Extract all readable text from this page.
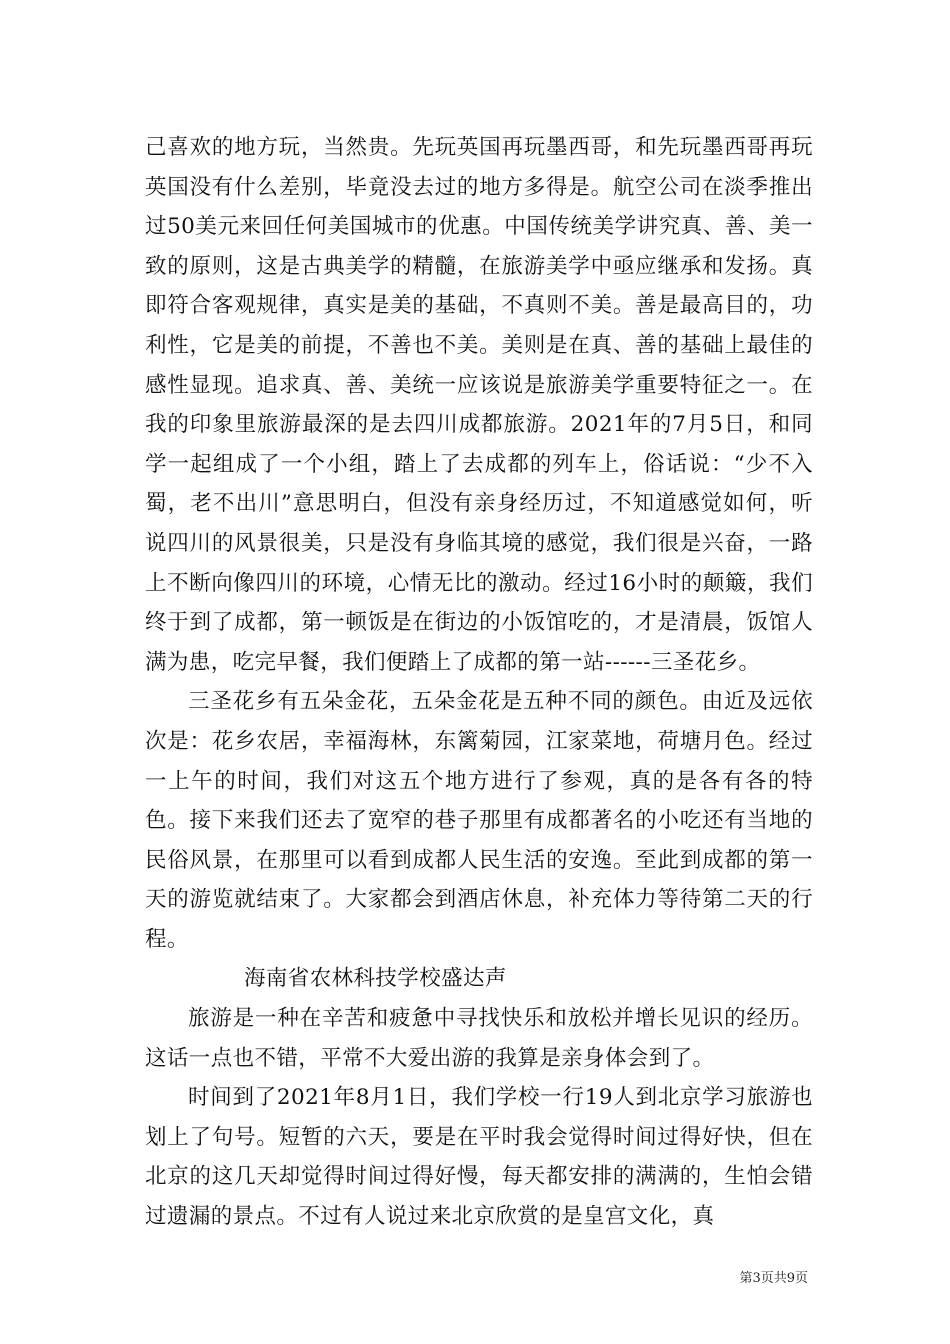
己喜欢的地方玩，当然贵。先玩英国再玩墨西哥，和先玩墨西哥再玩英国没有什么差别，毕竟没去过的地方多得是。航空公司在淡季推出过50美元来回任何美国城市的优惠。中国传统美学讲究真、善、美一致的原则，这是古典美学的精髓，在旅游美学中亟应继承和发扬。真即符合客观规律，真实是美的基础，不真则不美。善是最高目的，功利性，它是美的前提，不善也不美。美则是在真、善的基础上最佳的感性显现。追求真、善、美统一应该说是旅游美学重要特征之一。在我的印象里旅游最深的是去四川成都旅游。2021年的7月5日，和同学一起组成了一个小组，踏上了去成都的列车上，俗话说：“少不入蜀，老不出川”意思明白，但没有亲身经历过，不知道感觉如何，听说四川的风景很美，只是没有身临其境的感觉，我们很是兴奋，一路上不断向像四川的环境，心情无比的激动。经过16小时的颠簸，我们终于到了成都，第一顿饭是在街边的小饭馆吃的，才是清晨，饭馆人满为患，吃完早餐，我们便踏上了成都的第一站------三圣花乡。

三圣花乡有五朵金花，五朵金花是五种不同的颜色。由近及远依次是：花乡农居，幸福海林，东篱菊园，江家菜地，荷塘月色。经过一上午的时间，我们对这五个地方进行了参观，真的是各有各的特色。接下来我们还去了宽窄的巷子那里有成都著名的小吃还有当地的民俗风景，在那里可以看到成都人民生活的安逸。至此到成都的第一天的游览就结束了。大家都会到酒店休息，补充体力等待第二天的行程。

海南省农林科技学校盛达声

旅游是一种在辛苦和疲惫中寻找快乐和放松并增长见识的经历。这话一点也不错，平常不大爱出游的我算是亲身体会到了。

时间到了2021年8月1日，我们学校一行19人到北京学习旅游也划上了句号。短暂的六天，要是在平时我会觉得时间过得好快，但在北京的这几天却觉得时间过得好慢，每天都安排的满满的，生怕会错过遗漏的景点。不过有人说过来北京欣赏的是皇宫文化，真

第3页共9页
